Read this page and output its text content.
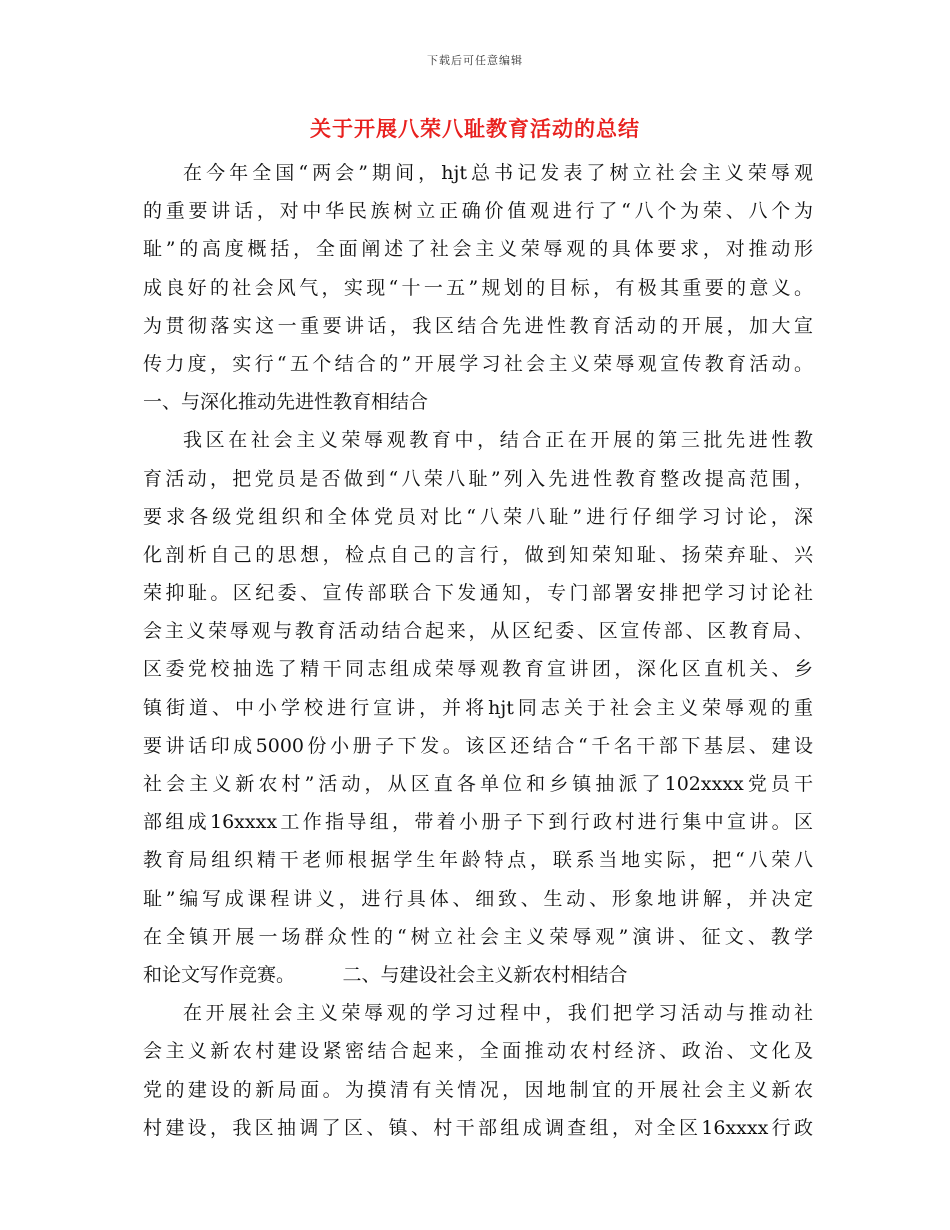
下载后可任意编辑
关于开展八荣八耻教育活动的总结
在今年全国“两会”期间，hjt总书记发表了树立社会主义荣辱观
的重要讲话，对中华民族树立正确价值观进行了“八个为荣、八个为
耻”的高度概括，全面阐述了社会主义荣辱观的具体要求，对推动形
成良好的社会风气，实现“十一五”规划的目标，有极其重要的意义。
为贯彻落实这一重要讲话，我区结合先进性教育活动的开展，加大宣
传力度，实行“五个结合的”开展学习社会主义荣辱观宣传教育活动。
一、与深化推动先进性教育相结合
我区在社会主义荣辱观教育中，结合正在开展的第三批先进性教
育活动，把党员是否做到“八荣八耻”列入先进性教育整改提高范围，
要求各级党组织和全体党员对比“八荣八耻”进行仔细学习讨论，深
化剖析自己的思想，检点自己的言行，做到知荣知耻、扬荣弃耻、兴
荣抑耻。区纪委、宣传部联合下发通知，专门部署安排把学习讨论社
会主义荣辱观与教育活动结合起来，从区纪委、区宣传部、区教育局、
区委党校抽选了精干同志组成荣辱观教育宣讲团，深化区直机关、乡
镇街道、中小学校进行宣讲，并将hjt同志关于社会主义荣辱观的重
要讲话印成5000份小册子下发。该区还结合“千名干部下基层、建设
社会主义新农村”活动，从区直各单位和乡镇抽派了102xxxx党员干
部组成16xxxx工作指导组，带着小册子下到行政村进行集中宣讲。区
教育局组织精干老师根据学生年龄特点，联系当地实际，把“八荣八
耻”编写成课程讲义，进行具体、细致、生动、形象地讲解，并决定
在全镇开展一场群众性的“树立社会主义荣辱观”演讲、征文、教学
和论文写作竞赛。　　　二、与建设社会主义新农村相结合
在开展社会主义荣辱观的学习过程中，我们把学习活动与推动社
会主义新农村建设紧密结合起来，全面推动农村经济、政治、文化及
党的建设的新局面。为摸清有关情况，因地制宜的开展社会主义新农
村建设，我区抽调了区、镇、村干部组成调查组，对全区16xxxx行政
